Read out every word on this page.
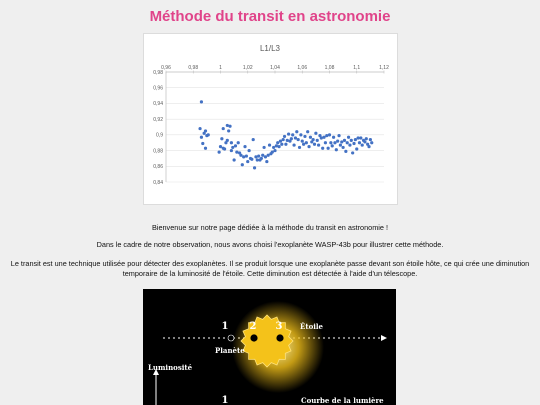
Méthode du transit en astronomie
L1/L3
0,84
0,86
0,88
0,9
0,92
0,94
0,96
0,98
0,96	0,98	1	1,02	1,04	1,06	1,08	1,1	1,12

Bienvenue sur notre page dédiée à la méthode du transit en astronomie !

Dans le cadre de notre observation, nous avons choisi l'exoplanète WASP-43b pour illustrer cette méthode.

Le transit est une technique utilisée pour détecter des exoplanètes. Il se produit lorsque une exoplanète passe devant son étoile hôte, ce qui crée une diminution temporaire de la luminosité de l'étoile. Cette diminution est détectée à l'aide d'un télescope.

1 2 3	Étoile
Planète
Luminosité
1	Courbe de la lumière
